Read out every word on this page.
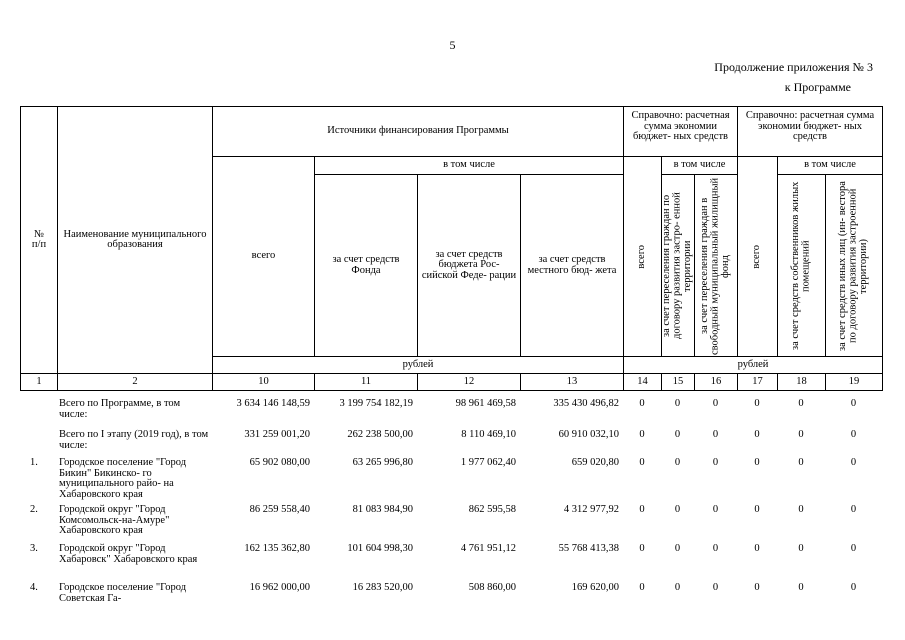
5
Продолжение приложения № 3
к Программе
№
п/п	Наименование муниципального образования	Источники финансирования Программы				Справочно: расчетная сумма экономии бюджет- ных средств			Справочно: расчетная сумма экономии бюджет- ных средств		
		всего	в том числе			всего	в том числе		всего	в том числе	
			за счет средств Фонда	за счет средств бюджета Рос- сийской Феде- рации	за счет средств местного бюд- жета		за счет переселения граждан по договору развития застро- енной территории	за счет переселения граждан в свободный муниципальный жилищный фонд		за счет средств собственников жилых помещений	за счет средств иных лиц (ин- вестора по договору развития застроенной территории)

		рублей				рублей					

1	2	10	11	12	13	14	15	16	17	18	19
	Всего по Программе, в том числе:	3 634 146 148,59	3 199 754 182,19	98 961 469,58	335 430 496,82	0	0	0	0	0	0
	Всего по I этапу (2019 год), в том числе:	331 259 001,20	262 238 500,00	8 110 469,10	60 910 032,10	0	0	0	0	0	0
1.	Городское поселение "Город Бикин" Бикинско- го муниципального райо- на Хабаровского края	65 902 080,00	63 265 996,80	1 977 062,40	659 020,80	0	0	0	0	0	0
2.	Городской округ "Город Комсомольск-на-Амуре" Хабаровского края	86 259 558,40	81 083 984,90	862 595,58	4 312 977,92	0	0	0	0	0	0
3.	Городской округ "Город Хабаровск" Хабаровского края	162 135 362,80	101 604 998,30	4 761 951,12	55 768 413,38	0	0	0	0	0	0
4.	Городское поселение "Город Советская Га-	16 962 000,00	16 283 520,00	508 860,00	169 620,00	0	0	0	0	0	0
